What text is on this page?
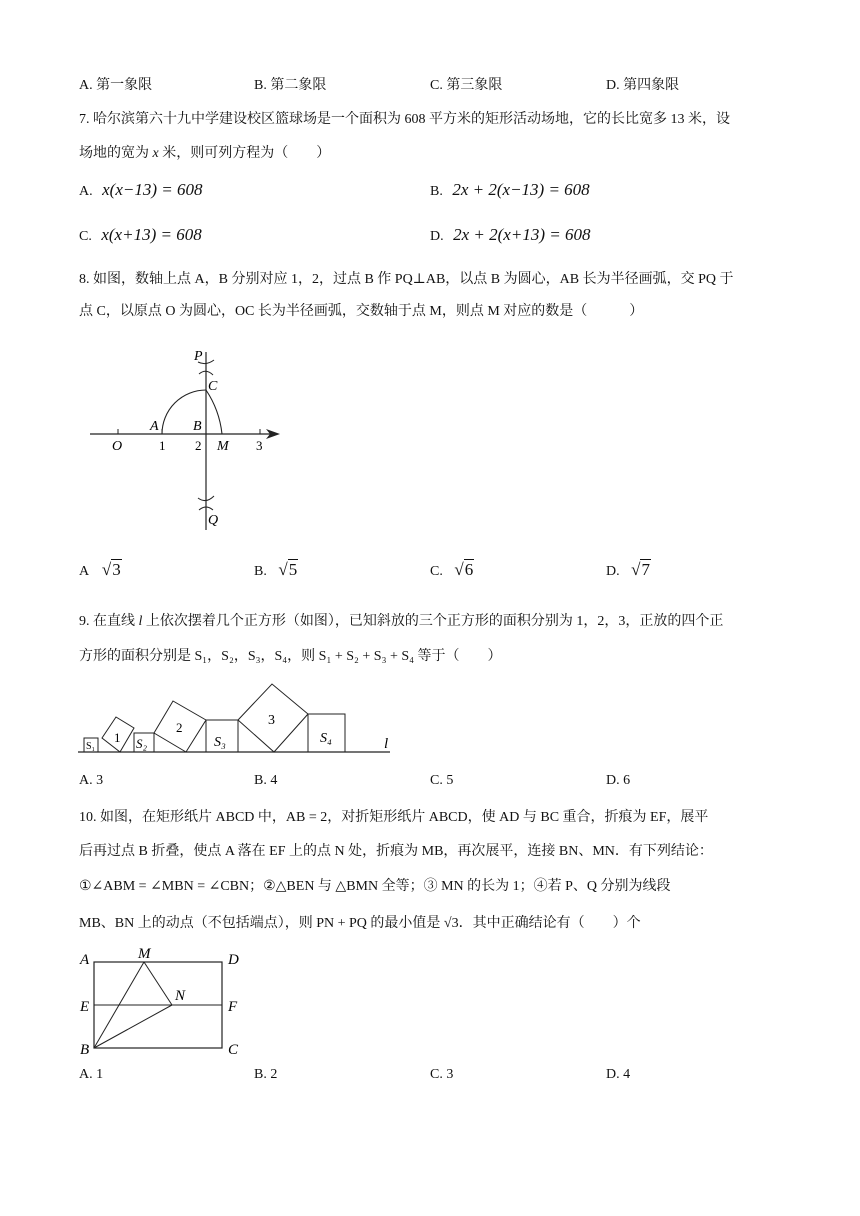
A. 第一象限	B. 第二象限	C. 第三象限	D. 第四象限
7. 哈尔滨第六十九中学建设校区篮球场是一个面积为 608 平方米的矩形活动场地，它的长比宽多 13 米，设
场地的宽为 x 米，则可列方程为（　　）
A. x(x−13) = 608	B. 2x + 2(x−13) = 608
C. x(x+13) = 608	D. 2x + 2(x+13) = 608
8. 如图，数轴上点 A，B 分别对应 1，2，过点 B 作 PQ⊥AB，以点 B 为圆心，AB 长为半径画弧，交 PQ 于
点 C，以原点 O 为圆心，OC 长为半径画弧，交数轴于点 M，则点 M 对应的数是（　　　）
P
C
A B
O	1 2 M 3
Q
A √3	B. √5	C. √6	D. √7
9. 在直线 l 上依次摆着几个正方形（如图），已知斜放的三个正方形的面积分别为 1，2，3，正放的四个正
方形的面积分别是 S₁，S₂，S₃，S₄，则 S₁ + S₂ + S₃ + S₄ 等于（　　）
S₁
1 S₂
2
S₃
3
S₄	l
A. 3	B. 4	C. 5	D. 6
10. 如图，在矩形纸片 ABCD 中，AB = 2，对折矩形纸片 ABCD，使 AD 与 BC 重合，折痕为 EF，展平
后再过点 B 折叠，使点 A 落在 EF 上的点 N 处，折痕为 MB，再次展平，连接 BN、MN．有下列结论：
①∠ABM = ∠MBN = ∠CBN；②△BEN 与 △BMN 全等；③ MN 的长为 1；④若 P、Q 分别为线段
MB、BN 上的动点（不包括端点），则 PN + PQ 的最小值是 √3．其中正确结论有（　　）个
A	M	D
N
E	F
B	C
A. 1	B. 2	C. 3	D. 4
